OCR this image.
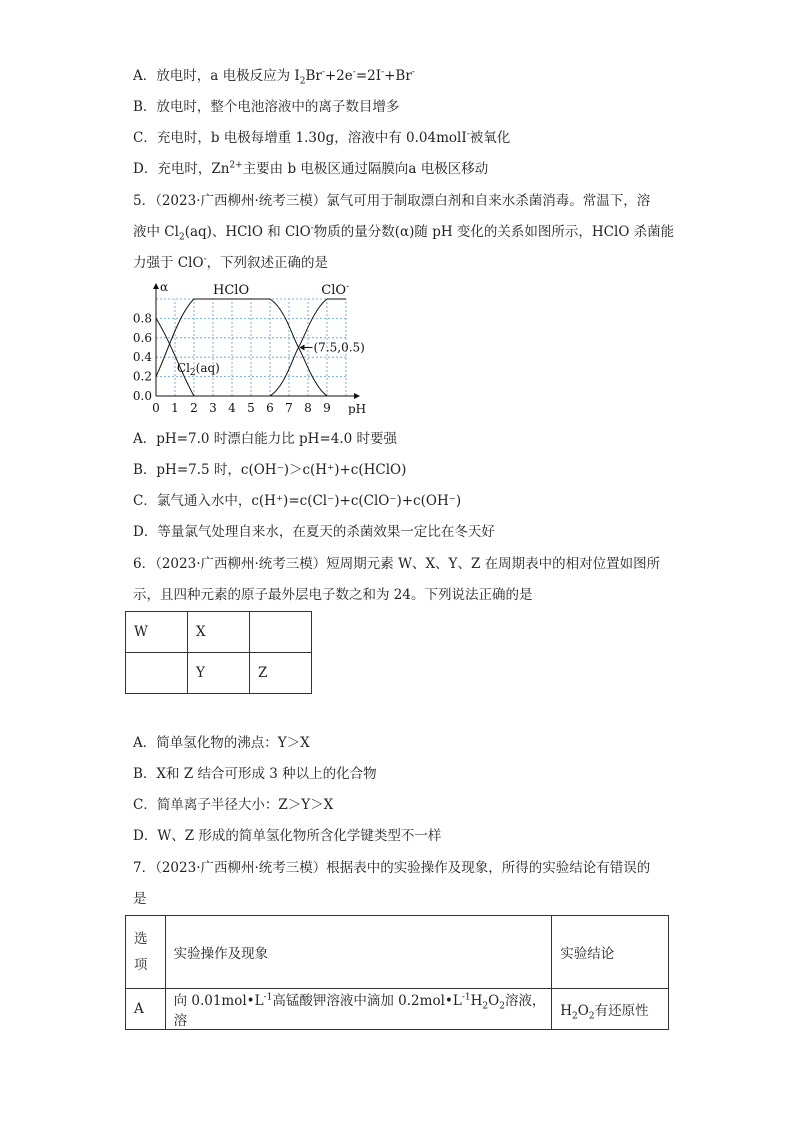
A．放电时，a 电极反应为 $I_2Br^-+2e^-=2I^-+Br^-$
B．放电时，整个电池溶液中的离子数目增多
C．充电时，b 电极每增重 1.30g，溶液中有 0.04molI-被氧化
D．充电时，$Zn^{2+}$主要由 b 电极区通过隔膜向a 电极区移动
5．（2023·广西柳州·统考三模）氯气可用于制取漂白剂和自来水杀菌消毒。常温下，溶
液中 $Cl_2(aq)$、HClO 和 ClO-物质的量分数(α)随 pH 变化的关系如图所示，HClO 杀菌能
力强于 ClO-，下列叙述正确的是
0 1 2 3 4 5 6 7 8 9
0.0
0.2
0.4
0.6
0.8
α
pH
HClO	ClO-
$Cl_2(aq)$
(7.5,0.5)
A．pH=7.0 时漂白能力比 pH=4.0 时要强
B．pH=7.5 时，c(OH⁻)＞c(H⁺)+c(HClO)
C．氯气通入水中，c(H⁺)=c(Cl⁻)+c(ClO⁻)+c(OH⁻)
D．等量氯气处理自来水，在夏天的杀菌效果一定比在冬天好
6．（2023·广西柳州·统考三模）短周期元素 W、X、Y、Z 在周期表中的相对位置如图所
示，且四种元素的原子最外层电子数之和为 24。下列说法正确的是
W	X	
	Y	Z
A．简单氢化物的沸点：Y＞X
B．X和 Z 结合可形成 3 种以上的化合物
C．简单离子半径大小：Z＞Y＞X
D．W、Z 形成的简单氢化物所含化学键类型不一样
7．（2023·广西柳州·统考三模）根据表中的实验操作及现象，所得的实验结论有错误的
是
选
项	实验操作及现象	实验结论
A	向 $0.01mol•L^{-1}$高锰酸钾溶液中滴加 $0.2mol•L^{-1}H_2O_2$溶液，溶	$H_2O_2$有还原性
